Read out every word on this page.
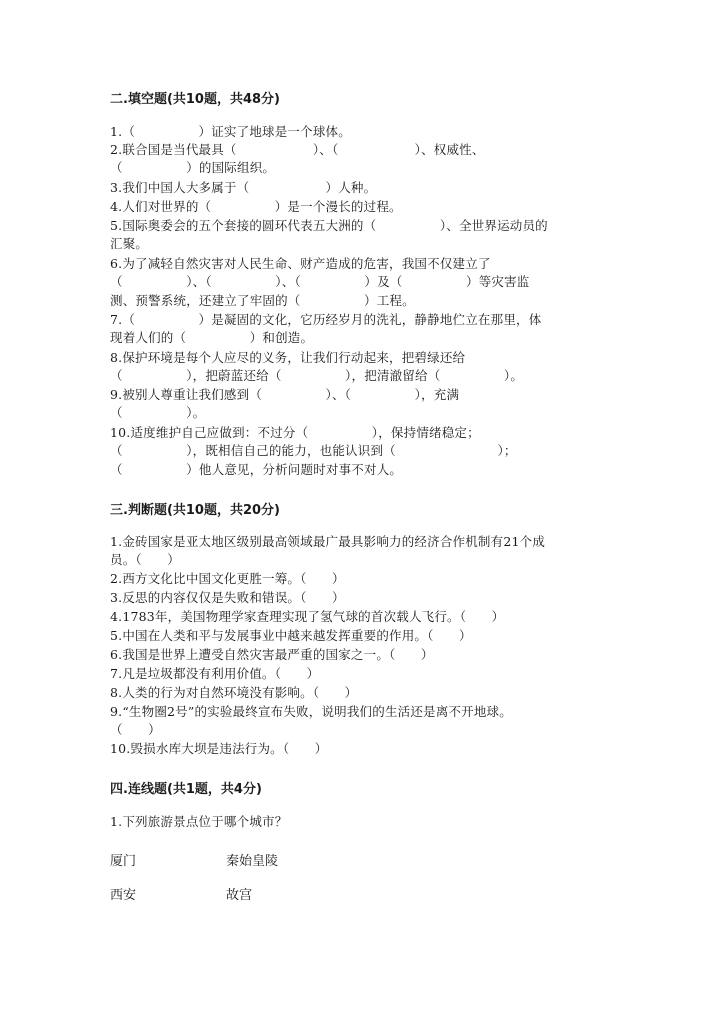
二.填空题(共10题，共48分)
1.（　　　　　）证实了地球是一个球体。
2.联合国是当代最具（　　　　　　）、（　　　　　　）、权威性、
（　　　　　）的国际组织。
3.我们中国人大多属于（　　　　　　）人种。
4.人们对世界的（　　　　　）是一个漫长的过程。
5.国际奥委会的五个套接的圆环代表五大洲的（　　　　　）、全世界运动员的
汇聚。
6.为了减轻自然灾害对人民生命、财产造成的危害，我国不仅建立了
（　　　　　）、（　　　　　）、（　　　　　）及（　　　　　）等灾害监
测、预警系统，还建立了牢固的（　　　　　）工程。
7.（　　　　　）是凝固的文化，它历经岁月的洗礼，静静地伫立在那里，体
现着人们的（　　　　　）和创造。
8.保护环境是每个人应尽的义务，让我们行动起来，把碧绿还给
（　　　　　），把蔚蓝还给（　　　　　），把清澈留给（　　　　　）。
9.被别人尊重让我们感到（　　　　　）、（　　　　　），充满
（　　　　　）。
10.适度维护自己应做到：不过分（　　　　　），保持情绪稳定；
（　　　　　），既相信自己的能力，也能认识到（　　　　　　　　）；
（　　　　　）他人意见，分析问题时对事不对人。
三.判断题(共10题，共20分)
1.金砖国家是亚太地区级别最高领域最广最具影响力的经济合作机制有21个成
员。（　　）
2.西方文化比中国文化更胜一筹。（　　）
3.反思的内容仅仅是失败和错误。（　　）
4.1783年，美国物理学家查理实现了氢气球的首次载人飞行。（　　）
5.中国在人类和平与发展事业中越来越发挥重要的作用。（　　）
6.我国是世界上遭受自然灾害最严重的国家之一。（　　）
7.凡是垃圾都没有利用价值。（　　）
8.人类的行为对自然环境没有影响。（　　）
9.“生物圈2号”的实验最终宣布失败，说明我们的生活还是离不开地球。
（　　）
10.毁损水库大坝是违法行为。（　　）
四.连线题(共1题，共4分)
1.下列旅游景点位于哪个城市？
厦门	秦始皇陵
西安	故宫
